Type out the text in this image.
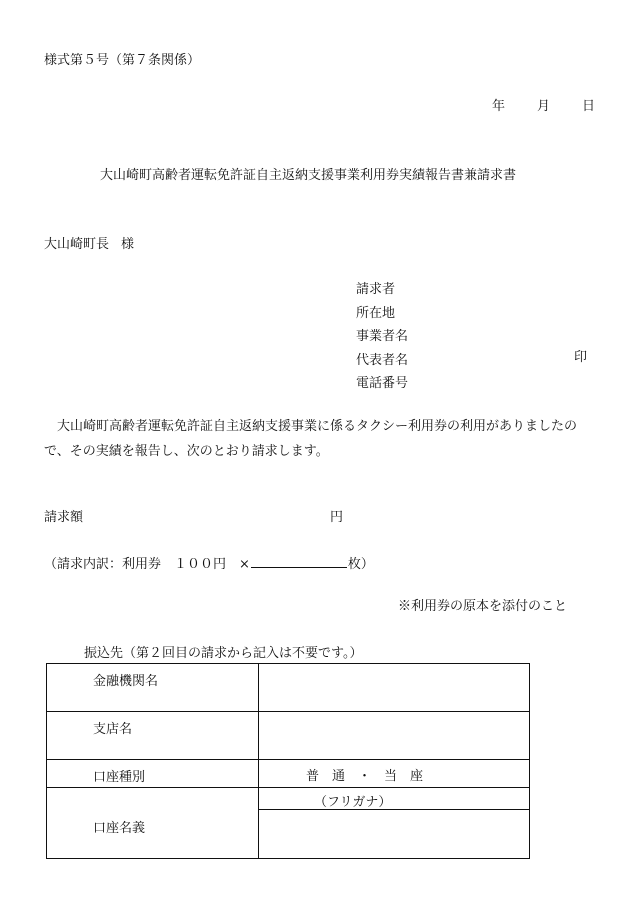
様式第５号（第７条関係）
年 月 日
大山崎町高齢者運転免許証自主返納支援事業利用券実績報告書兼請求書
大山崎町長 様
請求者
所在地
事業者名
代表者名
電話番号
印
大山崎町高齢者運転免許証自主返納支援事業に係るタクシー利用券の利用がありましたので、その実績を報告し、次のとおり請求します。
請求額	円
（請求内訳：利用券　１００円　×	枚）
※利用券の原本を添付のこと
振込先（第２回目の請求から記入は不要です。）
金融機関名	
支店名	
口座種別	普　通　・　当　座
口座名義	（フリガナ）
